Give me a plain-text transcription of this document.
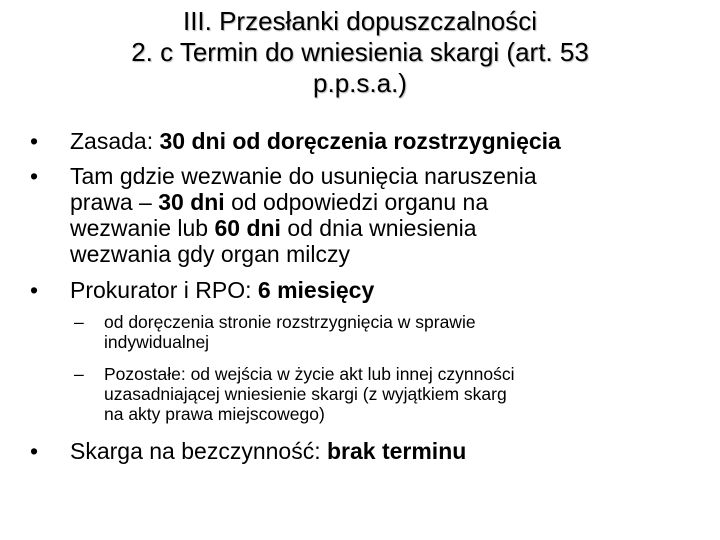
III. Przesłanki dopuszczalności
2. c Termin do wniesienia skargi (art. 53
p.p.s.a.)
• Zasada: 30 dni od doręczenia rozstrzygnięcia
• Tam gdzie wezwanie do usunięcia naruszenia
prawa – 30 dni od odpowiedzi organu na
wezwanie lub 60 dni od dnia wniesienia
wezwania gdy organ milczy
• Prokurator i RPO: 6 miesięcy
–	od doręczenia stronie rozstrzygnięcia w sprawie
indywidualnej
–	Pozostałe: od wejścia w życie akt lub innej czynności
uzasadniającej wniesienie skargi (z wyjątkiem skarg
na akty prawa miejscowego)
• Skarga na bezczynność: brak terminu
